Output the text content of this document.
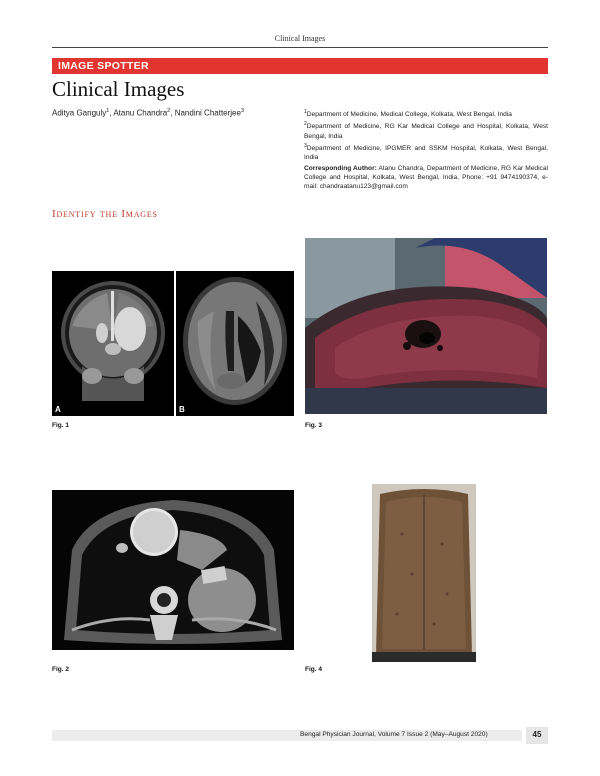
Clinical Images
IMAGE SPOTTER
Clinical Images
Aditya Ganguly$^1$, Atanu Chandra$^2$, Nandini Chatterjee$^3$	$^1$Department of Medicine, Medical College, Kolkata, West Bengal, India

$^2$Department of Medicine, RG Kar Medical College and Hospital, Kolkata, West Bengal, India

$^3$Department of Medicine, IPGMER and SSKM Hospital, Kolkata, West Bengal, India

Corresponding Author: Atanu Chandra, Department of Medicine, RG Kar Medical College and Hospital, Kolkata, West Bengal, India, Phone: +91 9474190374, e-mail: chandraatanu123@gmail.com

Identify the Images
A	B
Fig. 1	Fig. 3
Fig. 2	Fig. 4
Bengal Physician Journal, Volume 7 Issue 2 (May–August 2020)	45
